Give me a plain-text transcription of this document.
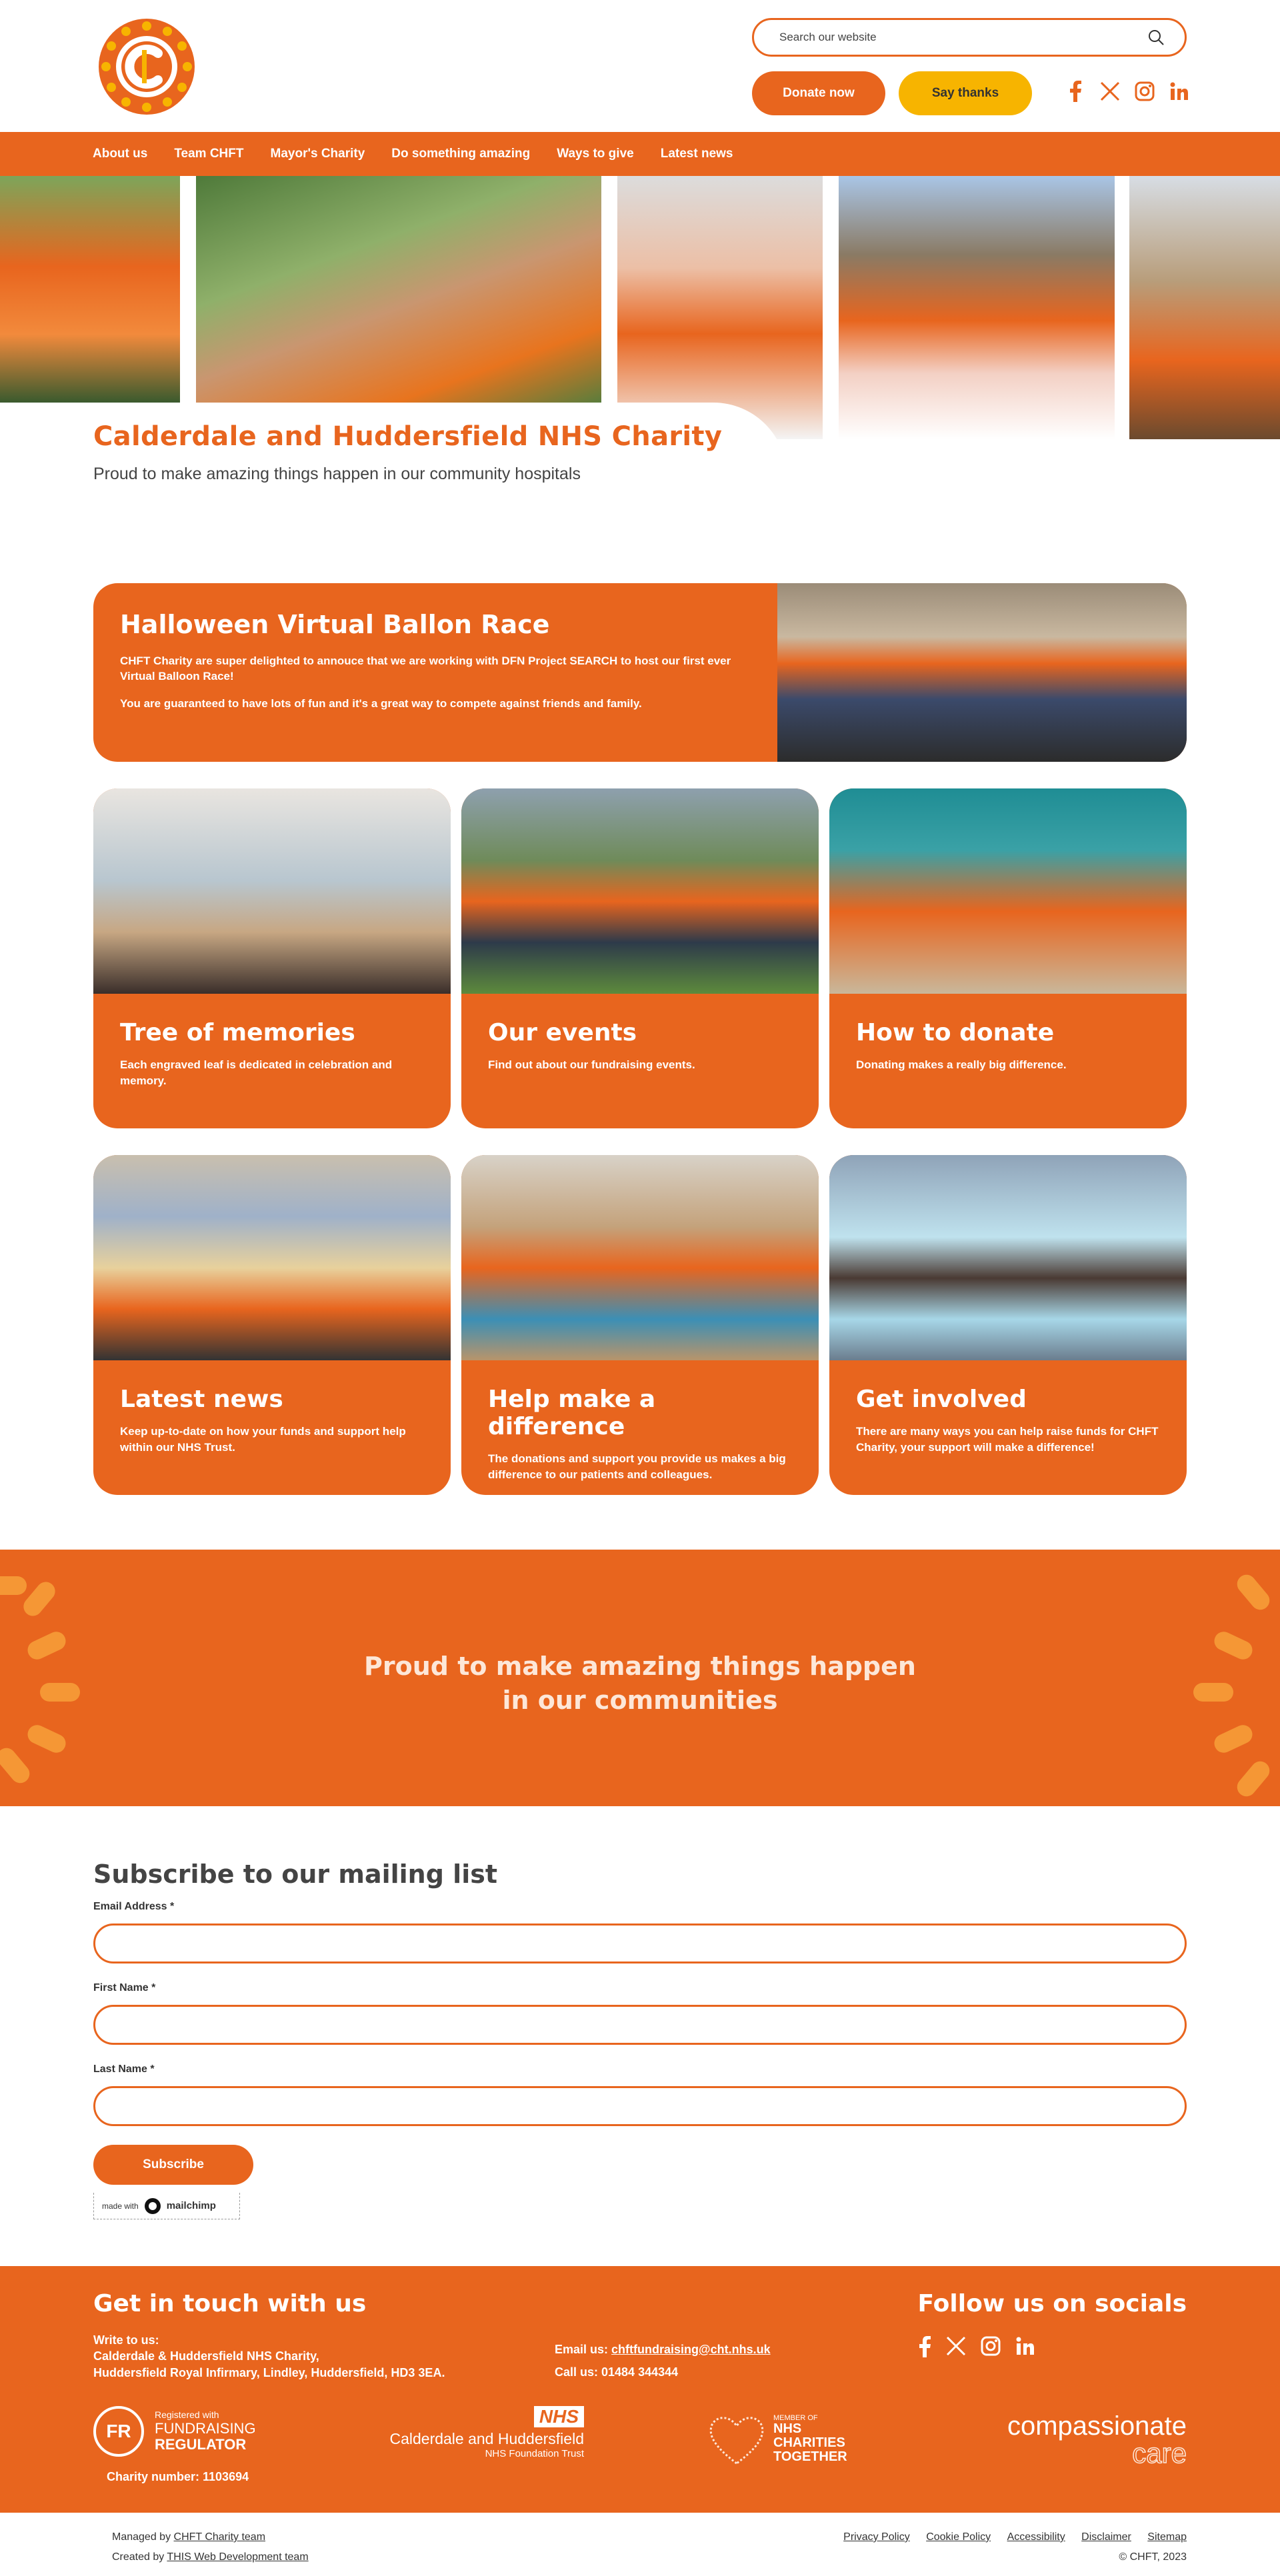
Search our website
Donate now	Say thanks
About us Team CHFT Mayor's Charity Do something amazing Ways to give Latest news
Calderdale and Huddersfield NHS Charity

Proud to make amazing things happen in our community hospitals

Halloween Virtual Ballon Race

CHFT Charity are super delighted to annouce that we are working with DFN Project SEARCH to host our first ever Virtual Balloon Race!

You are guaranteed to have lots of fun and it's a great way to compete against friends and family.

Tree of memories

Each engraved leaf is dedicated in celebration and memory.

Our events

Find out about our fundraising events.

How to donate

Donating makes a really big difference.

Latest news

Keep up-to-date on how your funds and support help within our NHS Trust.

Help make a difference

The donations and support you provide us makes a big difference to our patients and colleagues.

Get involved

There are many ways you can help raise funds for CHFT Charity, your support will make a difference!

Proud to make amazing things happen
in our communities
Subscribe to our mailing list
Email Address *
First Name *
Last Name *
Subscribe
made with	mailchimp
Get in touch with us
Write to us:
Calderdale & Huddersfield NHS Charity,
Huddersfield Royal Infirmary, Lindley, Huddersfield, HD3 3EA.
Email us: chftfundraising@cht.nhs.uk
Call us: 01484 344344
Follow us on socials
FR
Registered with
FUNDRAISING
REGULATOR
Charity number: 1103694
NHS
Calderdale and Huddersfield
NHS Foundation Trust
MEMBER OF
NHS
CHARITIES
TOGETHER
compassionate
care
Managed by CHFT Charity team
Created by THIS Web Development team
Privacy Policy Cookie Policy Accessibility Disclaimer Sitemap
© CHFT, 2023
